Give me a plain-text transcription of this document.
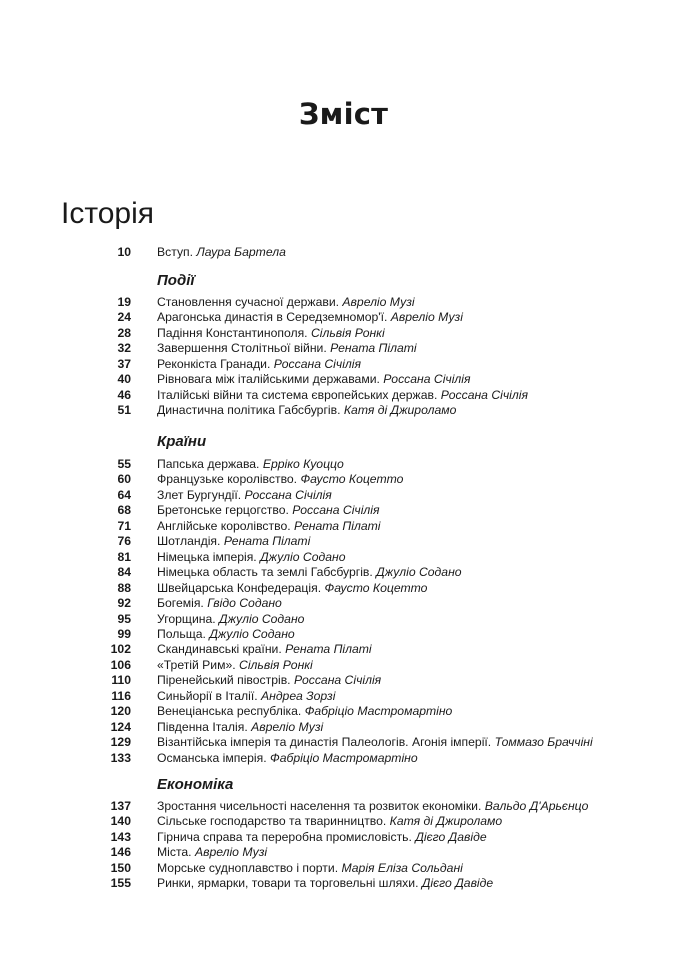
Зміст
Історія
10 Вступ. Лаура Бартела
Події
19 Становлення сучасної держави. Авреліо Музі
24 Арагонська династія в Середземномор'ї. Авреліо Музі
28 Падіння Константинополя. Сільвія Ронкі
32 Завершення Столітньої війни. Рената Пілаті
37 Реконкіста Гранади. Россана Січілія
40 Рівновага між італійськими державами. Россана Січілія
46 Італійські війни та система європейських держав. Россана Січілія
51 Династична політика Габсбургів. Катя ді Джироламо
Країни
55 Папська держава. Ерріко Куоццо
60 Французьке королівство. Фаусто Коцетто
64 Злет Бургундії. Россана Січілія
68 Бретонське герцогство. Россана Січілія
71 Англійське королівство. Рената Пілаті
76 Шотландія. Рената Пілаті
81 Німецька імперія. Джуліо Содано
84 Німецька область та землі Габсбургів. Джуліо Содано
88 Швейцарська Конфедерація. Фаусто Коцетто
92 Богемія. Гвідо Содано
95 Угорщина. Джуліо Содано
99 Польща. Джуліо Содано
102 Скандинавські країни. Рената Пілаті
106 «Третій Рим». Сільвія Ронкі
110 Піренейський півострів. Россана Січілія
116 Синьйорії в Італії. Андреа Зорзі
120 Венеціанська республіка. Фабріціо Мастромартіно
124 Південна Італія. Авреліо Музі
129 Візантійська імперія та династія Палеологів. Агонія імперії. Томмазо Браччіні
133 Османська імперія. Фабріціо Мастромартіно
Економіка
137 Зростання чисельності населення та розвиток економіки. Вальдо Д'Арьєнцо
140 Сільське господарство та тваринництво. Катя ді Джироламо
143 Гірнича справа та переробна промисловість. Дієго Давіде
146 Міста. Авреліо Музі
150 Морське судноплавство і порти. Марія Еліза Сольдані
155 Ринки, ярмарки, товари та торговельні шляхи. Дієго Давіде
